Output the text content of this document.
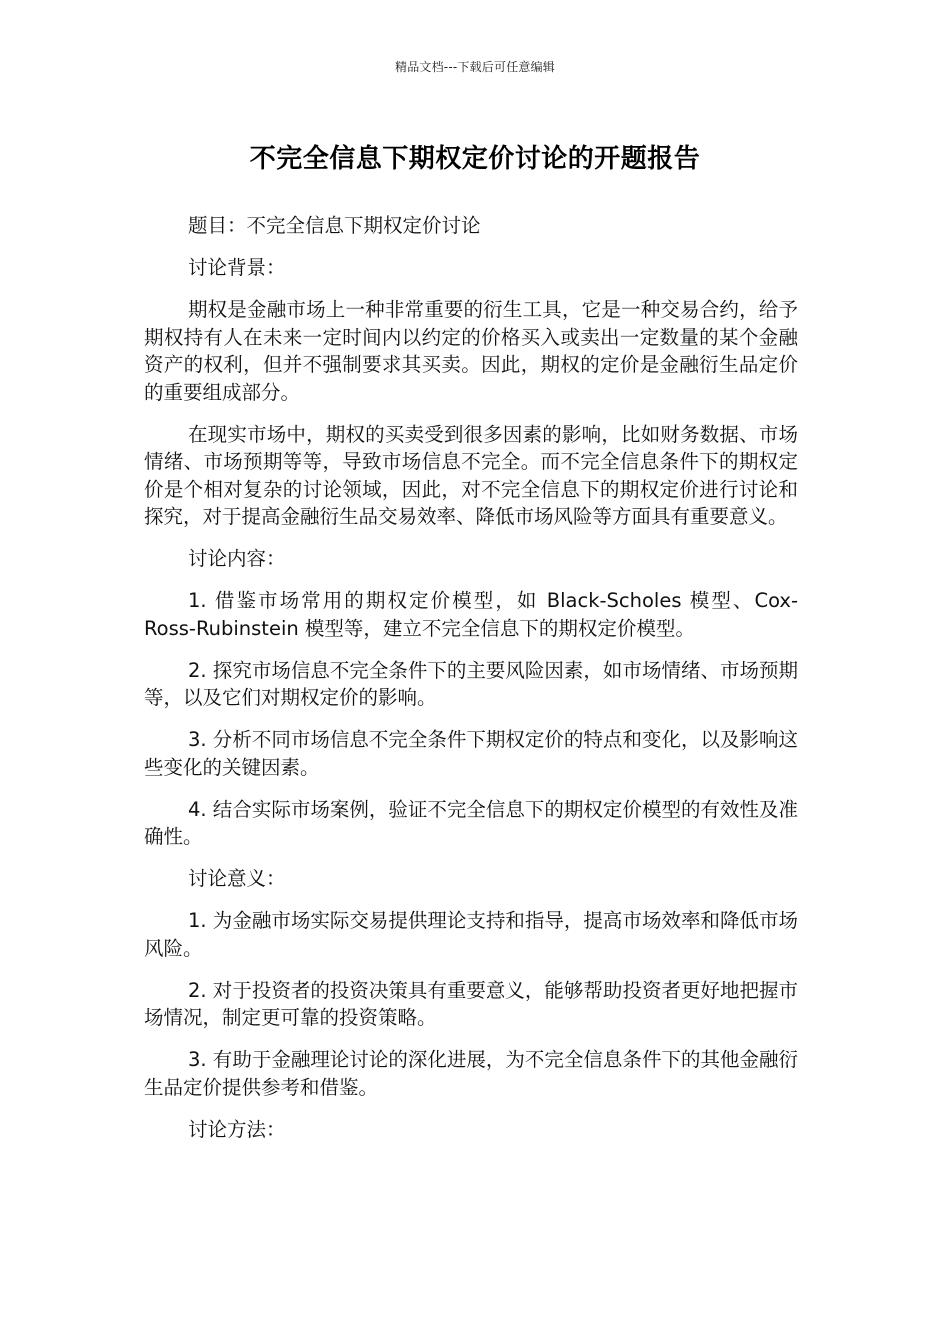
精品文档---下载后可任意编辑
不完全信息下期权定价讨论的开题报告

题目：不完全信息下期权定价讨论

讨论背景：

期权是金融市场上一种非常重要的衍生工具，它是一种交易合约，给予期权持有人在未来一定时间内以约定的价格买入或卖出一定数量的某个金融资产的权利，但并不强制要求其买卖。因此，期权的定价是金融衍生品定价的重要组成部分。

在现实市场中，期权的买卖受到很多因素的影响，比如财务数据、市场情绪、市场预期等等，导致市场信息不完全。而不完全信息条件下的期权定价是个相对复杂的讨论领域，因此，对不完全信息下的期权定价进行讨论和探究，对于提高金融衍生品交易效率、降低市场风险等方面具有重要意义。

讨论内容：

1. 借鉴市场常用的期权定价模型，如 Black-Scholes 模型、Cox-Ross-Rubinstein 模型等，建立不完全信息下的期权定价模型。

2. 探究市场信息不完全条件下的主要风险因素，如市场情绪、市场预期等，以及它们对期权定价的影响。

3. 分析不同市场信息不完全条件下期权定价的特点和变化，以及影响这些变化的关键因素。

4. 结合实际市场案例，验证不完全信息下的期权定价模型的有效性及准确性。

讨论意义：

1. 为金融市场实际交易提供理论支持和指导，提高市场效率和降低市场风险。

2. 对于投资者的投资决策具有重要意义，能够帮助投资者更好地把握市场情况，制定更可靠的投资策略。

3. 有助于金融理论讨论的深化进展，为不完全信息条件下的其他金融衍生品定价提供参考和借鉴。

讨论方法：
